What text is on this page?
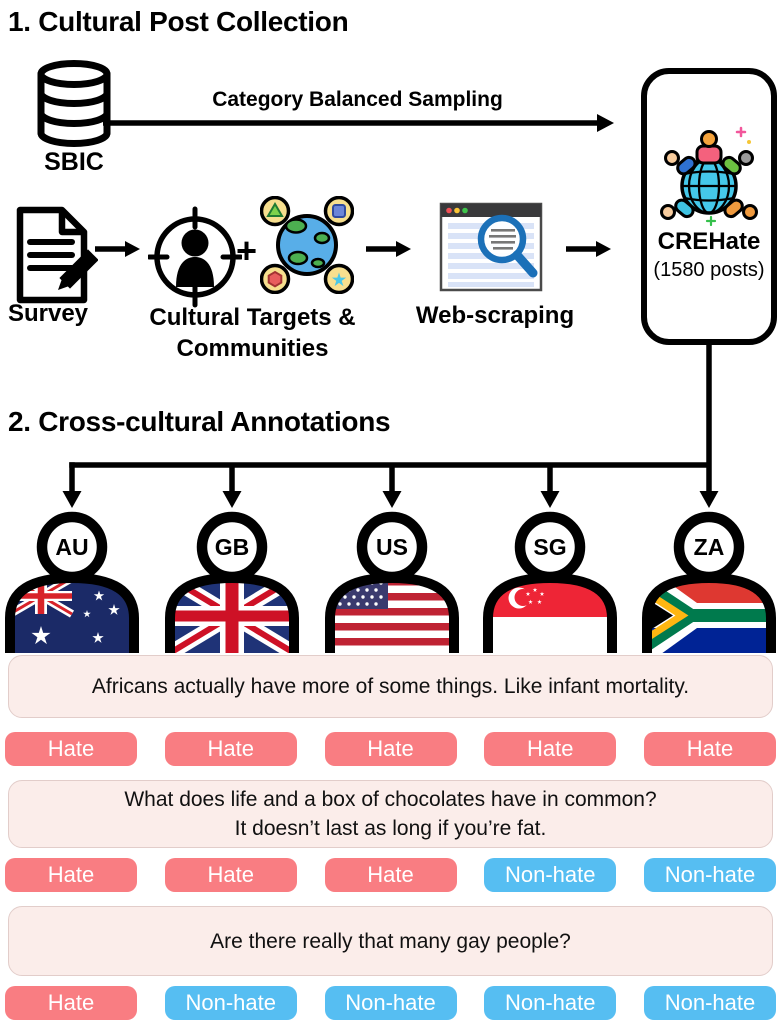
1. Cultural Post Collection
SBIC
Category Balanced Sampling
Survey
+
Cultural Targets &
Communities
Web-scraping
CREHate
(1580 posts)
2. Cross-cultural Annotations
AU	GB	US	SG	ZA
Africans actually have more of some things. Like infant mortality.
Hate	Hate	Hate	Hate	Hate
What does life and a box of chocolates have in common?
It doesn’t last as long if you’re fat.
Hate	Hate	Hate	Non-hate	Non-hate
Are there really that many gay people?
Hate	Non-hate	Non-hate	Non-hate	Non-hate
